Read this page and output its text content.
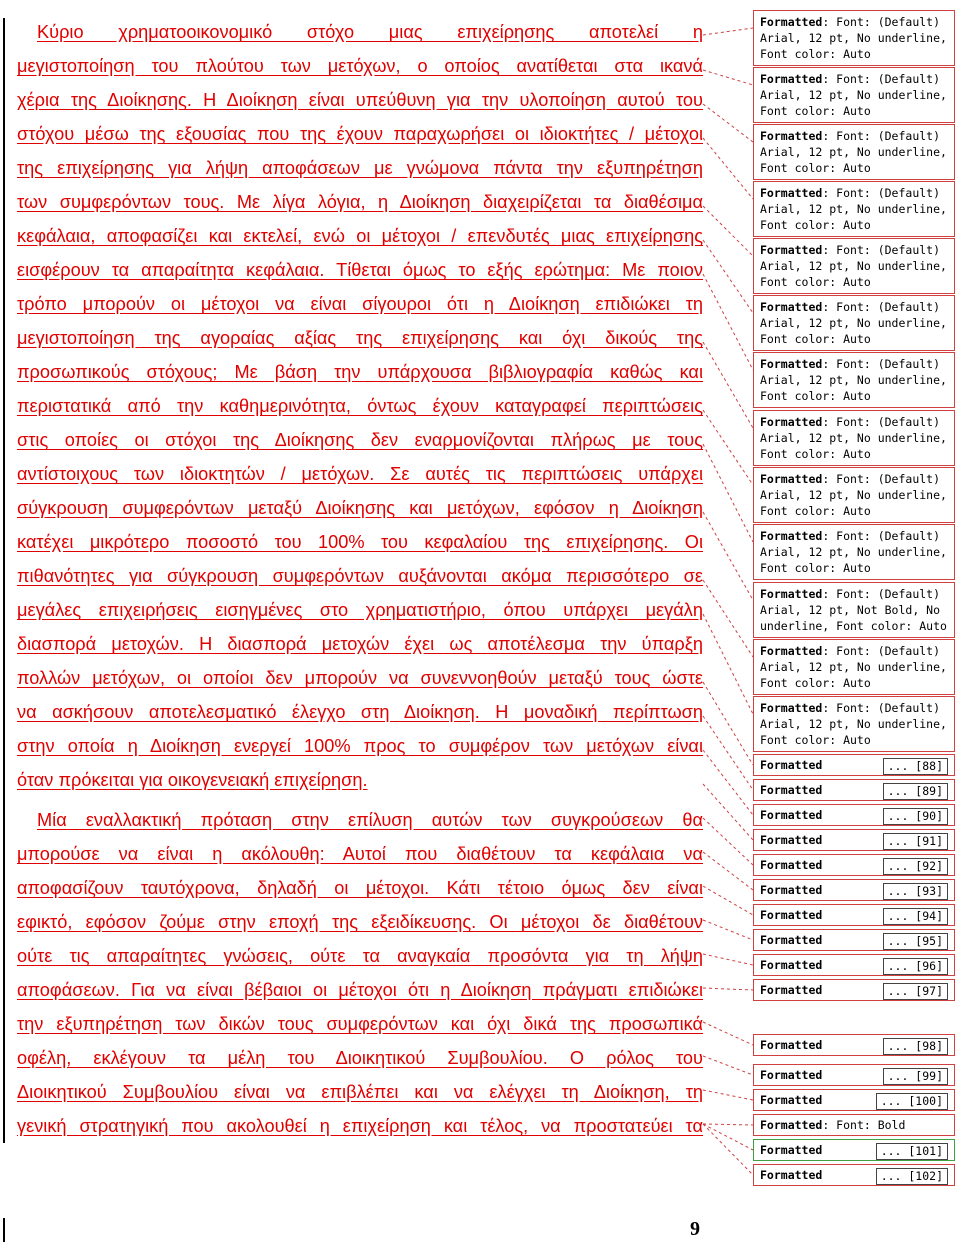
Κύριο χρηματοοικονομικό στόχο μιας επιχείρησης αποτελεί η
μεγιστοποίηση του πλούτου των μετόχων, ο οποίος ανατίθεται στα ικανά
χέρια της Διοίκησης. Η Διοίκηση είναι υπεύθυνη για την υλοποίηση αυτού του
στόχου μέσω της εξουσίας που της έχουν παραχωρήσει οι ιδιοκτήτες / μέτοχοι
της επιχείρησης για λήψη αποφάσεων με γνώμονα πάντα την εξυπηρέτηση
των συμφερόντων τους. Με λίγα λόγια, η Διοίκηση διαχειρίζεται τα διαθέσιμα
κεφάλαια, αποφασίζει και εκτελεί, ενώ οι μέτοχοι / επενδυτές μιας επιχείρησης
εισφέρουν τα απαραίτητα κεφάλαια. Τίθεται όμως το εξής ερώτημα: Με ποιον
τρόπο μπορούν οι μέτοχοι να είναι σίγουροι ότι η Διοίκηση επιδιώκει τη
μεγιστοποίηση της αγοραίας αξίας της επιχείρησης και όχι δικούς της
προσωπικούς στόχους; Με βάση την υπάρχουσα βιβλιογραφία καθώς και
περιστατικά από την καθημερινότητα, όντως έχουν καταγραφεί περιπτώσεις
στις οποίες οι στόχοι της Διοίκησης δεν εναρμονίζονται πλήρως με τους
αντίστοιχους των ιδιοκτητών / μετόχων. Σε αυτές τις περιπτώσεις υπάρχει
σύγκρουση συμφερόντων μεταξύ Διοίκησης και μετόχων, εφόσον η Διοίκηση
κατέχει μικρότερο ποσοστό του 100% του κεφαλαίου της επιχείρησης. Οι
πιθανότητες για σύγκρουση συμφερόντων αυξάνονται ακόμα περισσότερο σε
μεγάλες επιχειρήσεις εισηγμένες στο χρηματιστήριο, όπου υπάρχει μεγάλη
διασπορά μετοχών. Η διασπορά μετοχών έχει ως αποτέλεσμα την ύπαρξη
πολλών μετόχων, οι οποίοι δεν μπορούν να συνεννοηθούν μεταξύ τους ώστε
να ασκήσουν αποτελεσματικό έλεγχο στη Διοίκηση. Η μοναδική περίπτωση
στην οποία η Διοίκηση ενεργεί 100% προς το συμφέρον των μετόχων είναι
όταν πρόκειται για οικογενειακή επιχείρηση.
Μία εναλλακτική πρόταση στην επίλυση αυτών των συγκρούσεων θα
μπορούσε να είναι η ακόλουθη: Αυτοί που διαθέτουν τα κεφάλαια να
αποφασίζουν ταυτόχρονα, δηλαδή οι μέτοχοι. Κάτι τέτοιο όμως δεν είναι
εφικτό, εφόσον ζούμε στην εποχή της εξειδίκευσης. Οι μέτοχοι δε διαθέτουν
ούτε τις απαραίτητες γνώσεις, ούτε τα αναγκαία προσόντα για τη λήψη
αποφάσεων. Για να είναι βέβαιοι οι μέτοχοι ότι η Διοίκηση πράγματι επιδιώκει
την εξυπηρέτηση των δικών τους συμφερόντων και όχι δικά της προσωπικά
οφέλη, εκλέγουν τα μέλη του Διοικητικού Συμβουλίου. Ο ρόλος του
Διοικητικού Συμβουλίου είναι να επιβλέπει και να ελέγχει τη Διοίκηση, τη
γενική στρατηγική που ακολουθεί η επιχείρηση και τέλος, να προστατεύει τα
Formatted: Font: (Default) Arial, 12 pt, No underline, Font color: Auto
Formatted: Font: (Default) Arial, 12 pt, No underline, Font color: Auto
Formatted: Font: (Default) Arial, 12 pt, No underline, Font color: Auto
Formatted: Font: (Default) Arial, 12 pt, No underline, Font color: Auto
Formatted: Font: (Default) Arial, 12 pt, No underline, Font color: Auto
Formatted: Font: (Default) Arial, 12 pt, No underline, Font color: Auto
Formatted: Font: (Default) Arial, 12 pt, No underline, Font color: Auto
Formatted: Font: (Default) Arial, 12 pt, No underline, Font color: Auto
Formatted: Font: (Default) Arial, 12 pt, No underline, Font color: Auto
Formatted: Font: (Default) Arial, 12 pt, No underline, Font color: Auto
Formatted: Font: (Default) Arial, 12 pt, Not Bold, No underline, Font color: Auto
Formatted: Font: (Default) Arial, 12 pt, No underline, Font color: Auto
Formatted: Font: (Default) Arial, 12 pt, No underline, Font color: Auto
Formatted	... [88]
Formatted	... [89]
Formatted	... [90]
Formatted	... [91]
Formatted	... [92]
Formatted	... [93]
Formatted	... [94]
Formatted	... [95]
Formatted	... [96]
Formatted	... [97]
Formatted	... [98]
Formatted	... [99]
Formatted	... [100]
Formatted: Font: Bold
Formatted	... [101]
Formatted	... [102]
9
